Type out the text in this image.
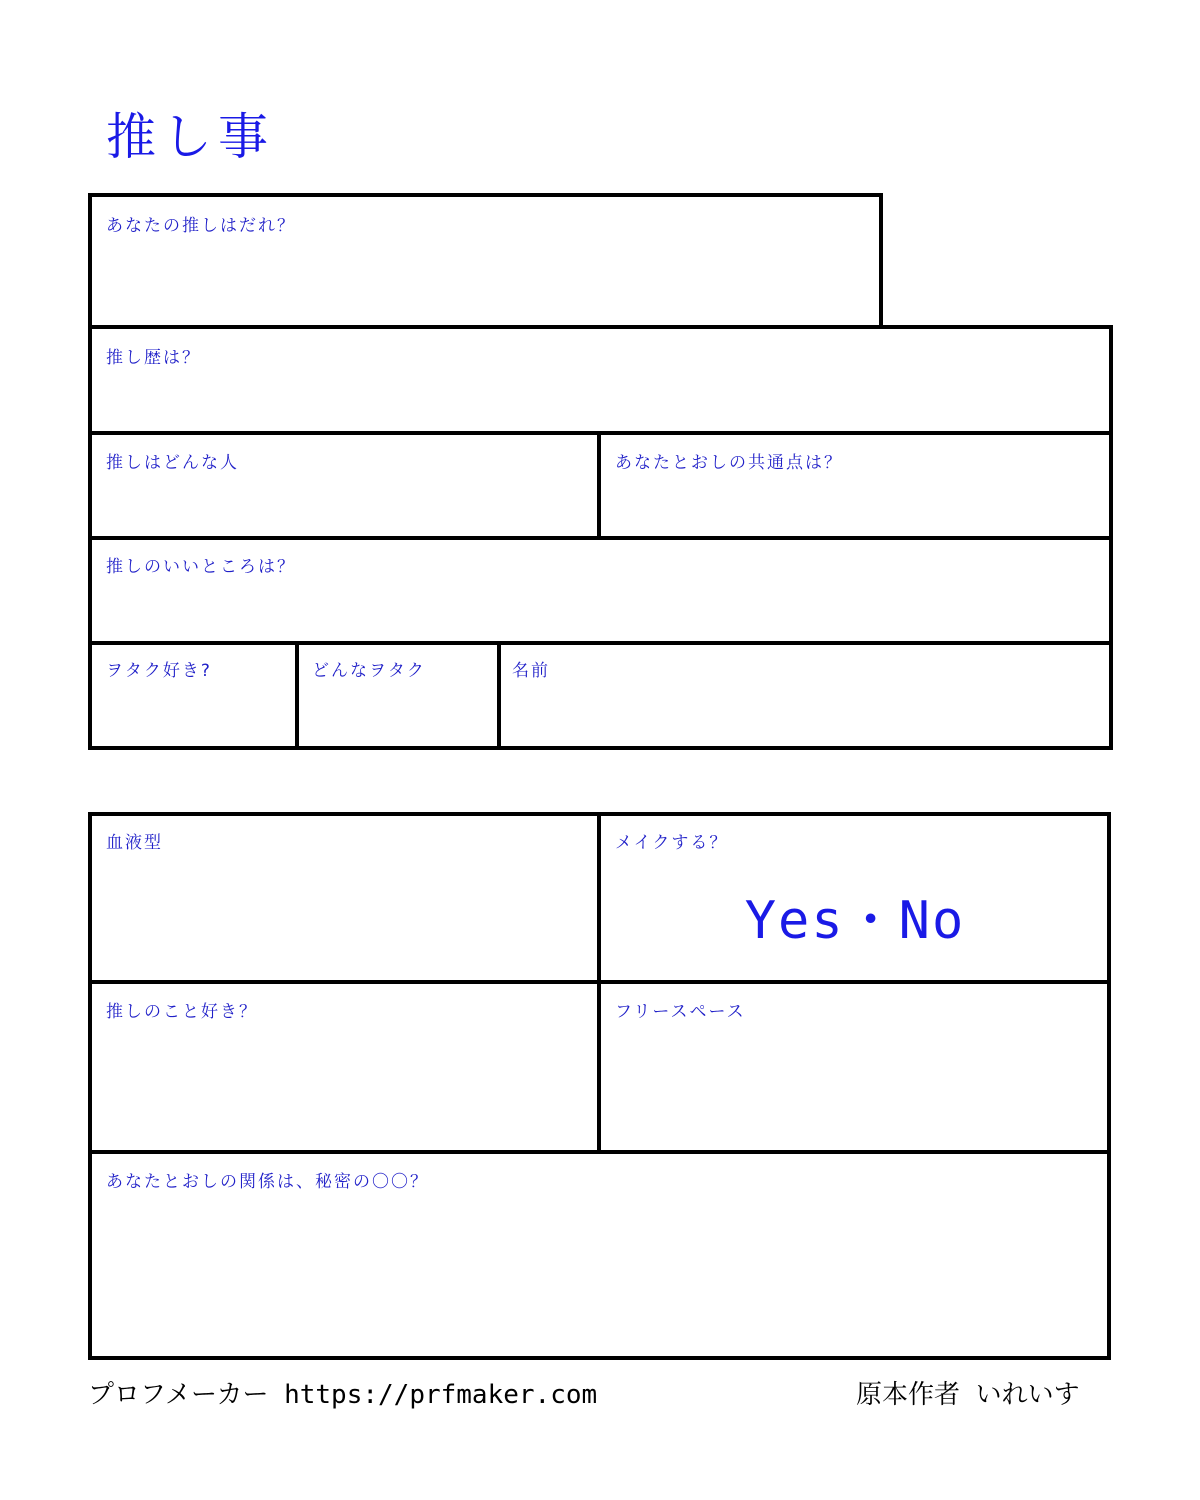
推し事
あなたの推しはだれ？
推し歴は？
推しはどんな人	あなたとおしの共通点は？
推しのいいところは？
ヲタク好き?	どんなヲタク	名前
血液型	メイクする？
Yes・No
推しのこと好き？	フリースペース
あなたとおしの関係は、秘密の〇〇？
プロフメーカー https://prfmaker.com	原本作者 いれいす
